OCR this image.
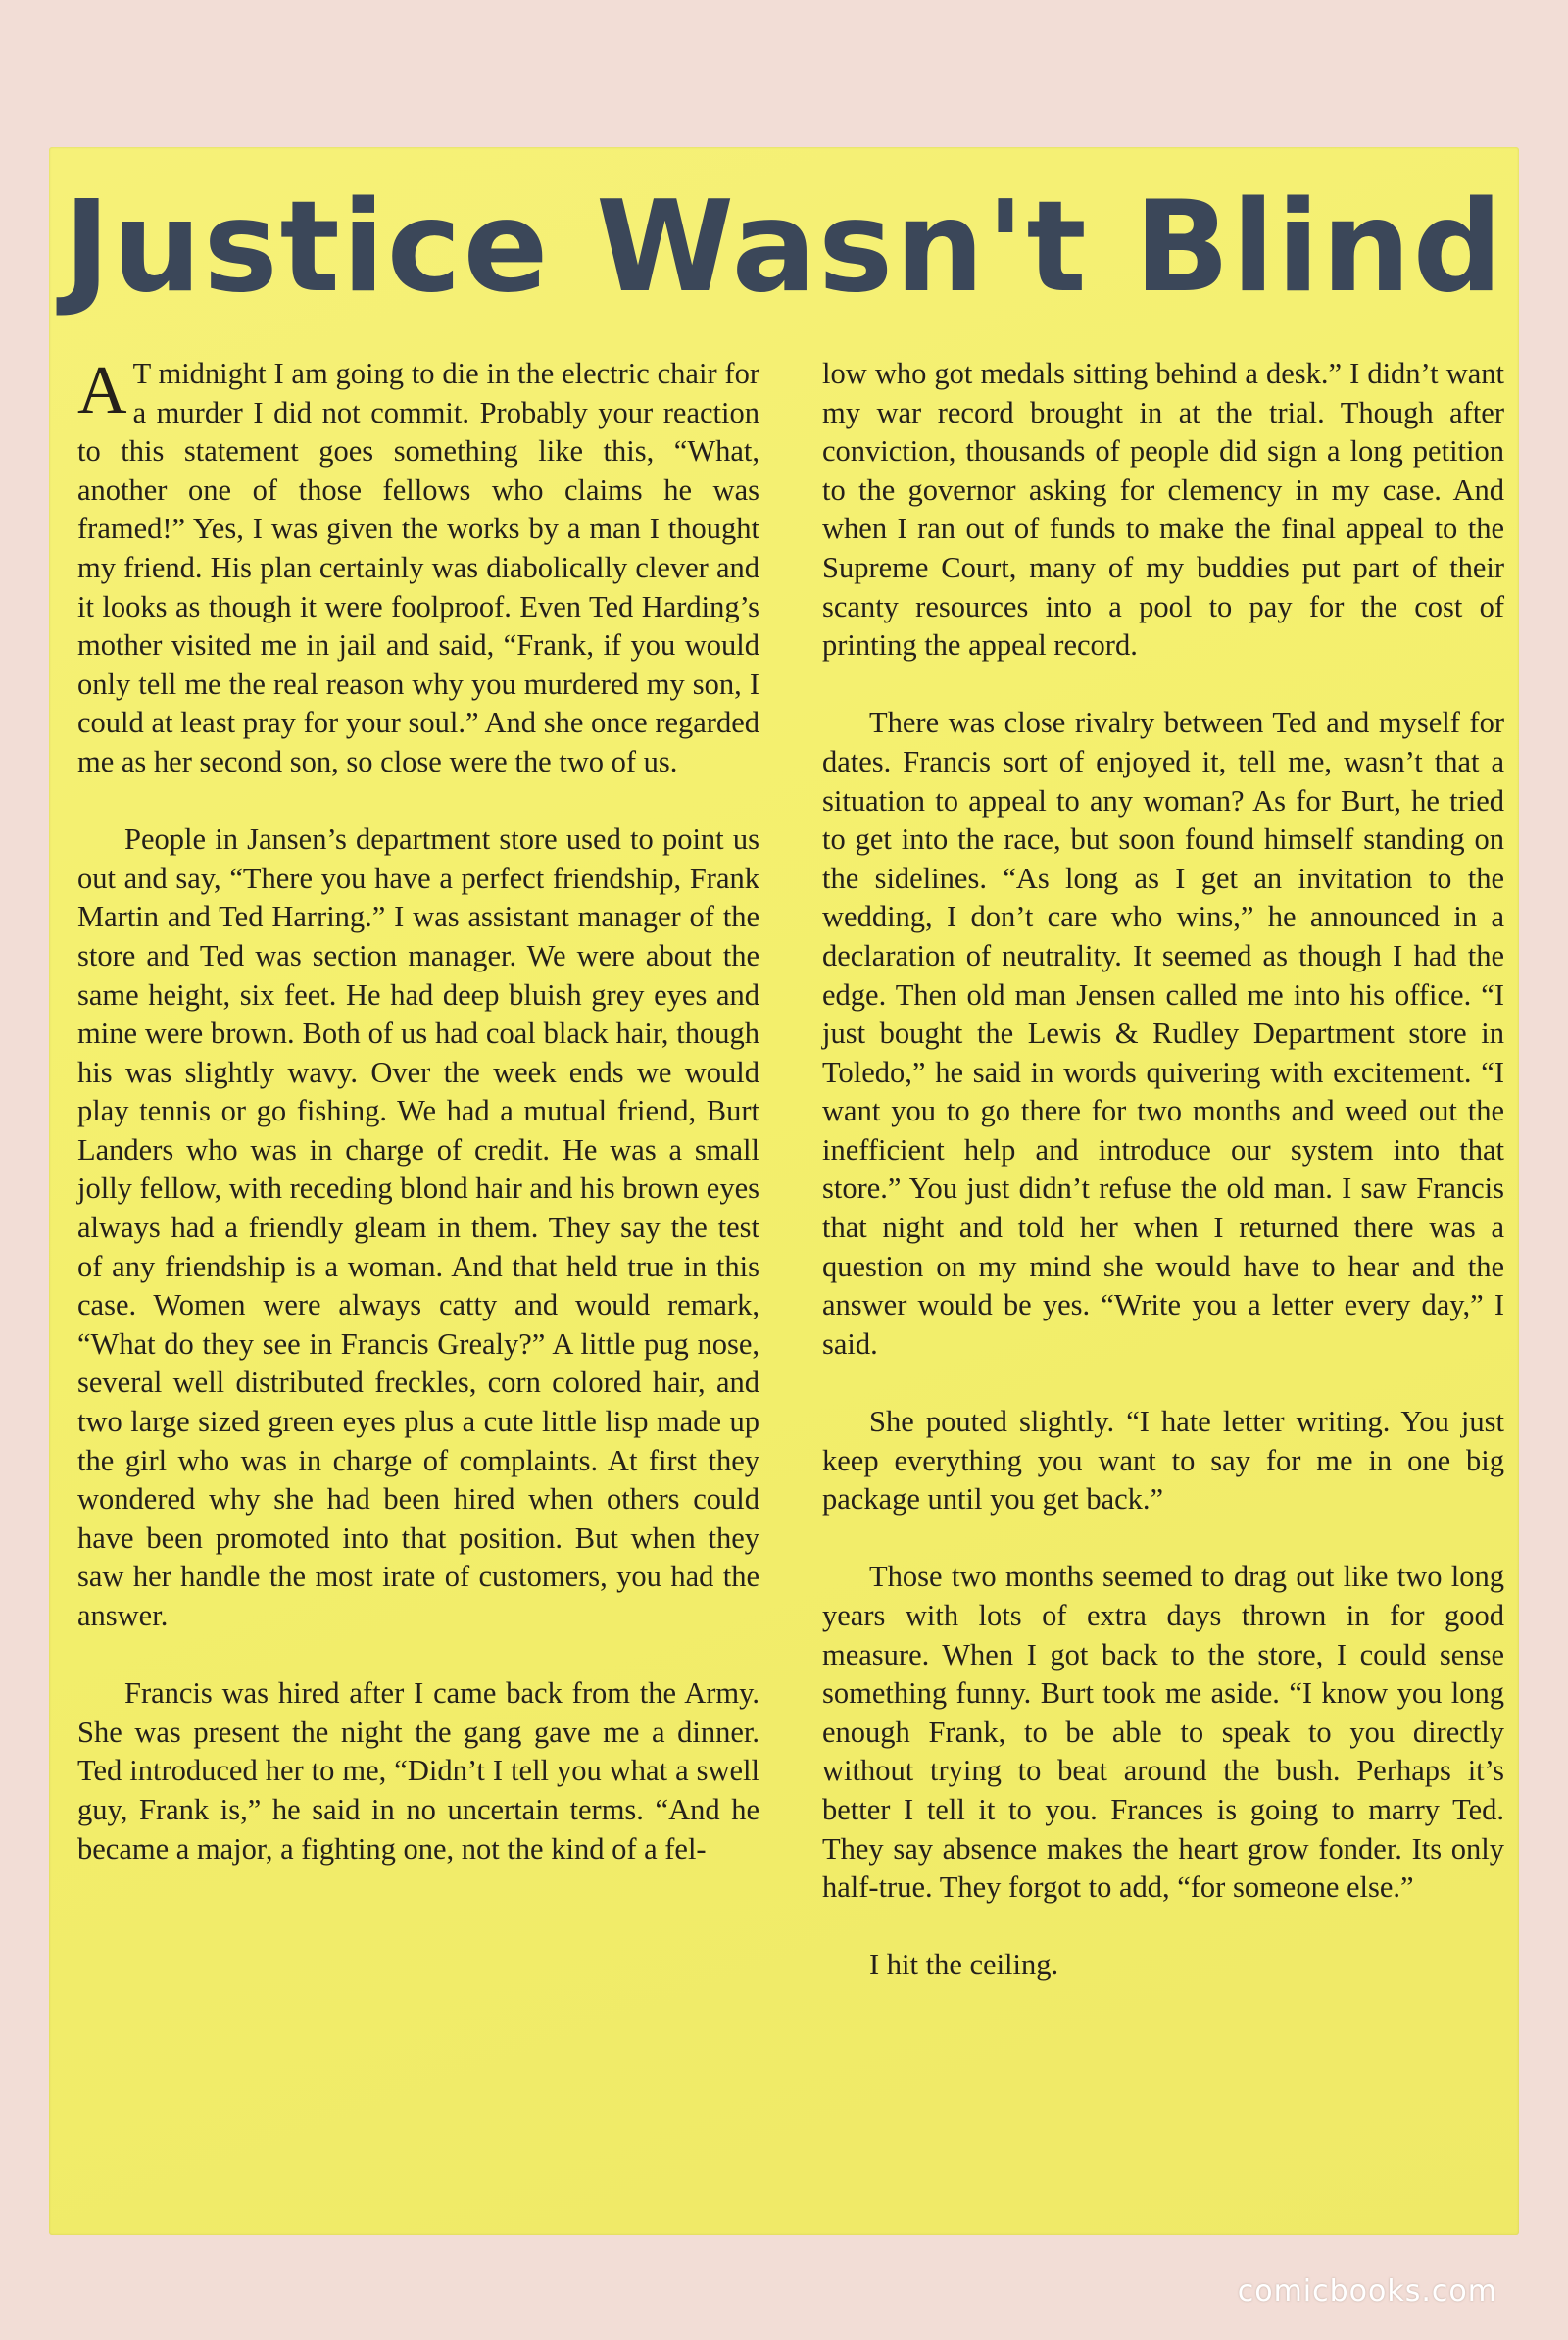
Justice Wasn't Blind

A T midnight I am going to die in the electric chair for a murder I did not commit. Probably your reaction to this statement goes something like this, “What, another one of those fellows who claims he was framed!” Yes, I was given the works by a man I thought my friend. His plan certainly was diabolically clever and it looks as though it were foolproof. Even Ted Harding’s mother visited me in jail and said, “Frank, if you would only tell me the real reason why you murdered my son, I could at least pray for your soul.” And she once regarded me as her second son, so close were the two of us.

People in Jansen’s department store used to point us out and say, “There you have a perfect friendship, Frank Martin and Ted Harring.” I was assistant manager of the store and Ted was section manager. We were about the same height, six feet. He had deep bluish grey eyes and mine were brown. Both of us had coal black hair, though his was slightly wavy. Over the week ends we would play tennis or go fishing. We had a mutual friend, Burt Landers who was in charge of credit. He was a small jolly fellow, with receding blond hair and his brown eyes always had a friendly gleam in them. They say the test of any friendship is a woman. And that held true in this case. Women were always catty and would remark, “What do they see in Francis Grealy?” A little pug nose, several well distributed freckles, corn colored hair, and two large sized green eyes plus a cute little lisp made up the girl who was in charge of complaints. At first they wondered why she had been hired when others could have been promoted into that position. But when they saw her handle the most irate of customers, you had the answer.

Francis was hired after I came back from the Army. She was present the night the gang gave me a dinner. Ted introduced her to me, “Didn’t I tell you what a swell guy, Frank is,” he said in no uncertain terms. “And he became a major, a fighting one, not the kind of a fel-

low who got medals sitting behind a desk.” I didn’t want my war record brought in at the trial. Though after conviction, thousands of people did sign a long petition to the governor asking for clemency in my case. And when I ran out of funds to make the final appeal to the Supreme Court, many of my buddies put part of their scanty resources into a pool to pay for the cost of printing the appeal record.

There was close rivalry between Ted and myself for dates. Francis sort of enjoyed it, tell me, wasn’t that a situation to appeal to any woman? As for Burt, he tried to get into the race, but soon found himself standing on the sidelines. “As long as I get an invitation to the wedding, I don’t care who wins,” he announced in a declaration of neutrality. It seemed as though I had the edge. Then old man Jensen called me into his office. “I just bought the Lewis & Rudley Department store in Toledo,” he said in words quivering with excitement. “I want you to go there for two months and weed out the inefficient help and introduce our system into that store.” You just didn’t refuse the old man. I saw Francis that night and told her when I returned there was a question on my mind she would have to hear and the answer would be yes. “Write you a letter every day,” I said.

She pouted slightly. “I hate letter writing. You just keep everything you want to say for me in one big package until you get back.”

Those two months seemed to drag out like two long years with lots of extra days thrown in for good measure. When I got back to the store, I could sense something funny. Burt took me aside. “I know you long enough Frank, to be able to speak to you directly without trying to beat around the bush. Perhaps it’s better I tell it to you. Frances is going to marry Ted. They say absence makes the heart grow fonder. Its only half-true. They forgot to add, “for someone else.”

I hit the ceiling.

comicbooks.com
